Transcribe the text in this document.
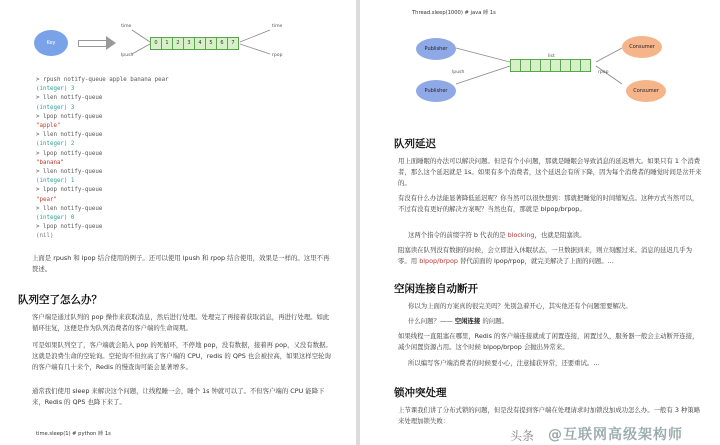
Key	0	1	2	3	4	5	6	7
time
lpush
time
rpop
> rpush notify-queue apple banana pear
(integer) 3
> llen notify-queue
(integer) 3
> lpop notify-queue
"apple"
> llen notify-queue
(integer) 2
> lpop notify-queue
"banana"
> llen notify-queue
(integer) 1
> lpop notify-queue
"pear"
> llen notify-queue
(integer) 0
> lpop notify-queue
(nil)
上面是 rpush 和 lpop 结合使用的例子。还可以使用 lpush 和 rpop 结合使用，效果是一样的。这里不再赘述。
队列空了怎么办？
客户端是通过队列的 pop 操作来获取消息，然后进行处理。处理完了再接着获取消息，再进行处理。如此循环往复，这便是作为队列消费者的客户端的生命周期。
可是如果队列空了，客户端就会陷入 pop 的死循环，不停地 pop，没有数据，接着再 pop，又没有数据。这就是浪费生命的空轮询。空轮询不但拉高了客户端的 CPU，redis 的 QPS 也会被拉高，如果这样空轮询的客户端有几十来个，Redis 的慢查询可能会显著增多。
通常我们使用 sleep 来解决这个问题，让线程睡一会，睡个 1s 钟就可以了。不但客户端的 CPU 能降下来，Redis 的 QPS 也降下来了。
time.sleep(1) # python 睡 1s
Thread.sleep(1000) # java 睡 1s
Publisher
Publisher
Consumer
Consumer
list
lpush	rpop
队列延迟
用上面睡眠的办法可以解决问题。但是有个小问题，那就是睡眠会导致消息的延迟增大。如果只有 1 个消费者，那么这个延迟就是 1s。如果有多个消费者，这个延迟会有所下降，因为每个消费者的睡觉时间是岔开来的。
有没有什么办法能显著降低延迟呢？你当然可以很快想到：那就把睡觉的时间缩短点。这种方式当然可以，不过有没有更好的解决方案呢？当然也有，那就是 blpop/brpop。
这两个指令的前缀字符 b 代表的是 blocking，也就是阻塞读。
阻塞读在队列没有数据的时候，会立即进入休眠状态，一旦数据到来，则立刻醒过来。消息的延迟几乎为零。用 blpop/brpop 替代前面的 lpop/rpop，就完美解决了上面的问题。...
空闲连接自动断开
你以为上面的方案真的很完美吗？先别急着开心，其实他还有个问题需要解决。
什么问题？—— 空闲连接 的问题。
如果线程一直阻塞在哪里，Redis 的客户端连接就成了闲置连接，闲置过久，服务器一般会主动断开连接，减少闲置资源占用。这个时候 blpop/brpop 会抛出异常来。
所以编写客户端消费者的时候要小心，注意捕获异常，还要重试。...
锁冲突处理
上节课我们讲了分布式锁的问题，但是没有提到客户端在处理请求时加锁没加成功怎么办。一般有 3 种策略来处理加锁失败：
头条 @互联网高级架构师
